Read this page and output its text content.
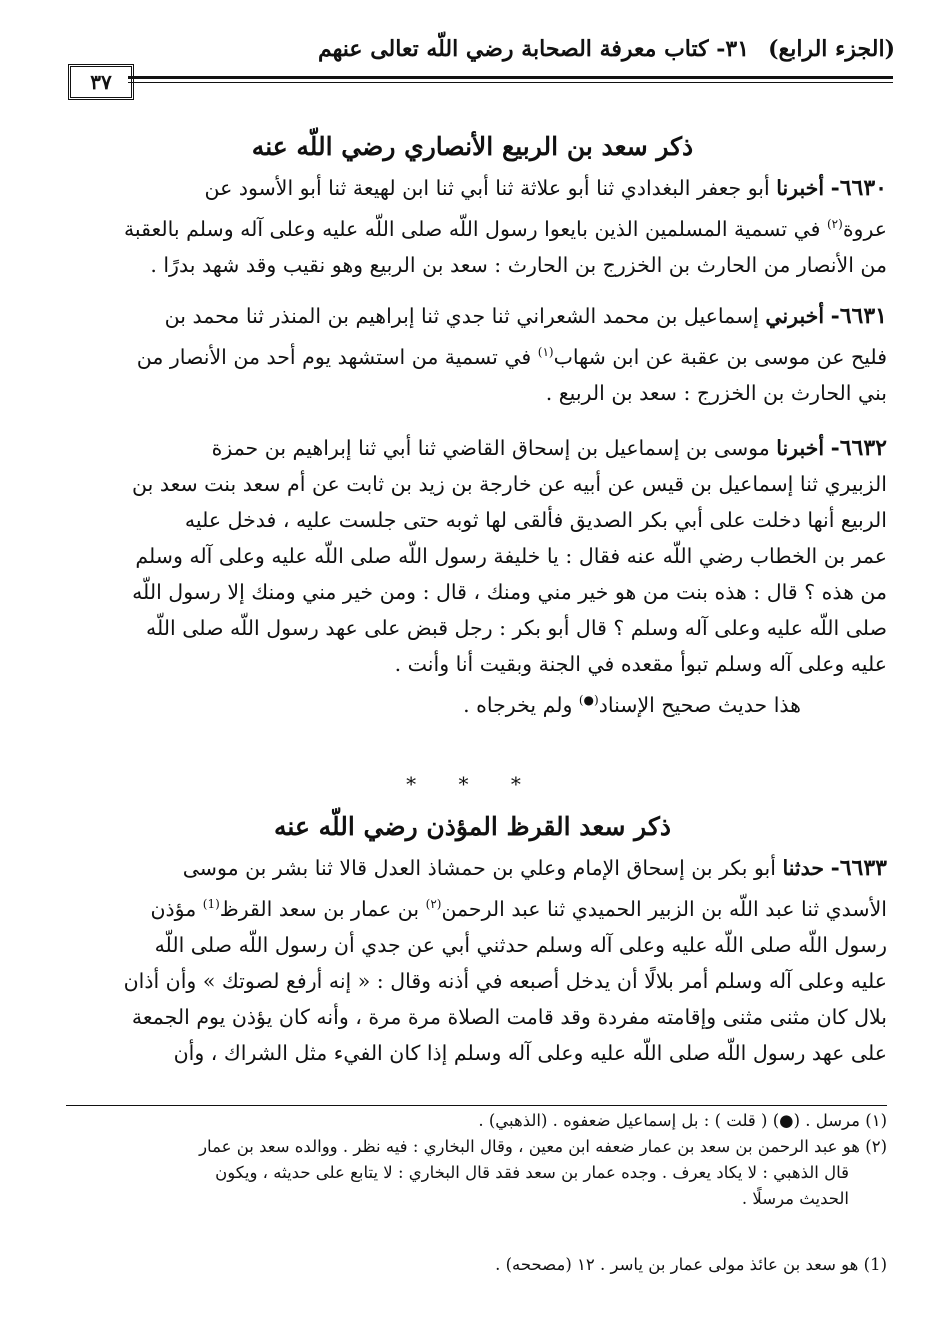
(الجزء الرابع)
٣١- كتاب معرفة الصحابة رضي اللّه تعالى عنهم
٣٧
ذكر سعد بن الربيع الأنصاري رضي اللّه عنه
٦٦٣٠- أخبرنا أبو جعفر البغدادي ثنا أبو علاثة ثنا أبي ثنا ابن لهيعة ثنا أبو الأسود عن
عروة$^{(٢)}$ في تسمية المسلمين الذين بايعوا رسول اللّه صلى اللّه عليه وعلى آله وسلم بالعقبة
من الأنصار من الحارث بن الخزرج بن الحارث : سعد بن الربيع وهو نقيب وقد شهد بدرًا .
٦٦٣١- أخبرني إسماعيل بن محمد الشعراني ثنا جدي ثنا إبراهيم بن المنذر ثنا محمد بن
فليح عن موسى بن عقبة عن ابن شهاب$^{(١)}$ في تسمية من استشهد يوم أحد من الأنصار من
بني الحارث بن الخزرج : سعد بن الربيع .
٦٦٣٢- أخبرنا موسى بن إسماعيل بن إسحاق القاضي ثنا أبي ثنا إبراهيم بن حمزة
الزبيري ثنا إسماعيل بن قيس عن أبيه عن خارجة بن زيد بن ثابت عن أم سعد بنت سعد بن
الربيع أنها دخلت على أبي بكر الصديق فألقى لها ثوبه حتى جلست عليه ، فدخل عليه
عمر بن الخطاب رضي اللّه عنه فقال : يا خليفة رسول اللّه صلى اللّه عليه وعلى آله وسلم
من هذه ؟ قال : هذه بنت من هو خير مني ومنك ، قال : ومن خير مني ومنك إلا رسول اللّه
صلى اللّه عليه وعلى آله وسلم ؟ قال أبو بكر : رجل قبض على عهد رسول اللّه صلى اللّه
عليه وعلى آله وسلم تبوأ مقعده في الجنة وبقيت أنا وأنت .
هذا حديث صحيح الإسناد(●) ولم يخرجاه .
* * *
ذكر سعد القرظ المؤذن رضي اللّه عنه
٦٦٣٣- حدثنا أبو بكر بن إسحاق الإمام وعلي بن حمشاذ العدل قالا ثنا بشر بن موسى
الأسدي ثنا عبد اللّه بن الزبير الحميدي ثنا عبد الرحمن$^{(٢)}$ بن عمار بن سعد القرظ$^{(1)}$ مؤذن
رسول اللّه صلى اللّه عليه وعلى آله وسلم حدثني أبي عن جدي أن رسول اللّه صلى اللّه
عليه وعلى آله وسلم أمر بلالًا أن يدخل أصبعه في أذنه وقال : « إنه أرفع لصوتك » وأن أذان
بلال كان مثنى مثنى وإقامته مفردة وقد قامت الصلاة مرة مرة ، وأنه كان يؤذن يوم الجمعة
على عهد رسول اللّه صلى اللّه عليه وعلى آله وسلم إذا كان الفيء مثل الشراك ، وأن
(١) مرسل . (●) ( قلت ) : بل إسماعيل ضعفوه . (الذهبي) .
(٢) هو عبد الرحمن بن سعد بن عمار ضعفه ابن معين ، وقال البخاري : فيه نظر . ووالده سعد بن عمار
قال الذهبي : لا يكاد يعرف . وجده عمار بن سعد فقد قال البخاري : لا يتابع على حديثه ، ويكون
الحديث مرسلًا .
(1) هو سعد بن عائذ مولى عمار بن ياسر . ١٢ (مصححه) .
